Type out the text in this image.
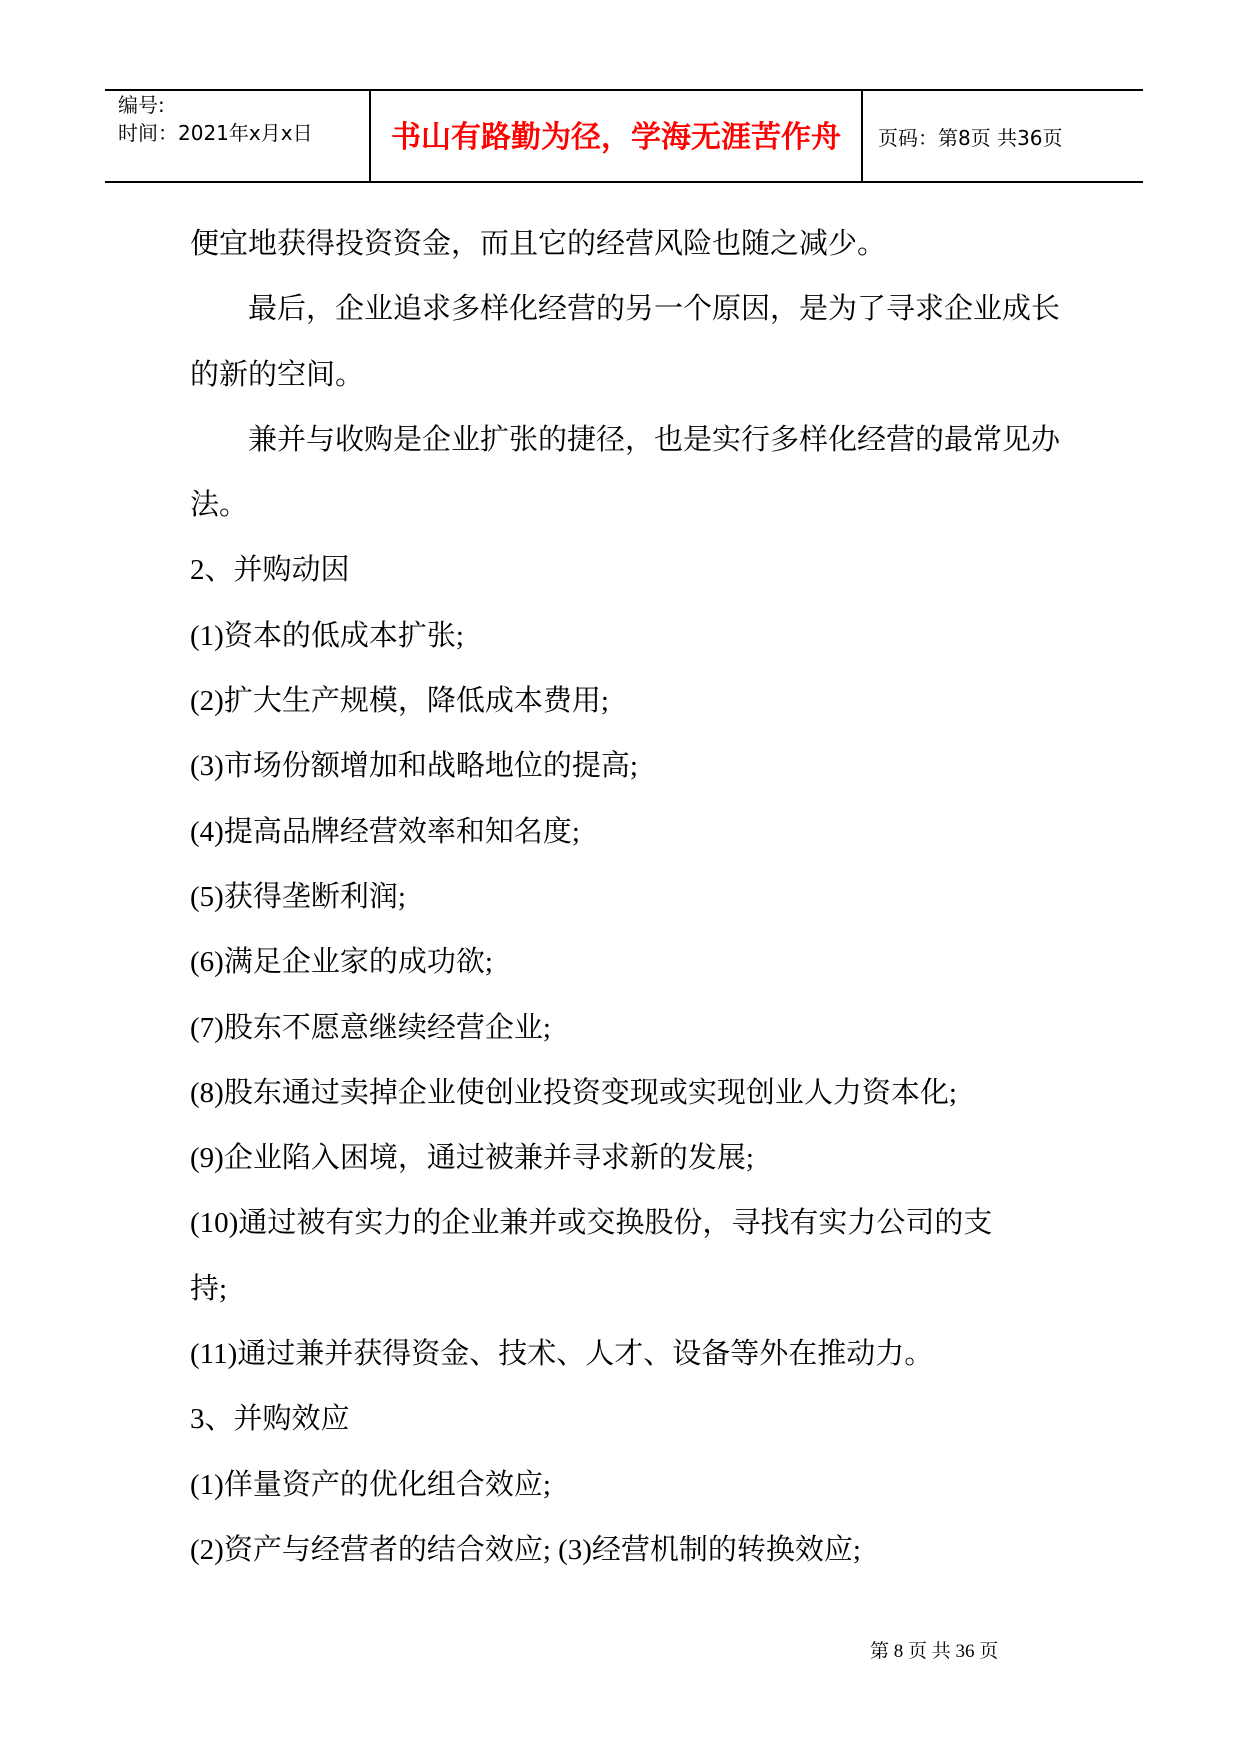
编号:
时间：2021年x月x日	书山有路勤为径，学海无涯苦作舟	页码：第8页 共36页
便宜地获得投资资金，而且它的经营风险也随之减少。
最后，企业追求多样化经营的另一个原因，是为了寻求企业成长
的新的空间。
兼并与收购是企业扩张的捷径，也是实行多样化经营的最常见办
法。
2、并购动因
(1)资本的低成本扩张;
(2)扩大生产规模，降低成本费用;
(3)市场份额增加和战略地位的提高;
(4)提高品牌经营效率和知名度;
(5)获得垄断利润;
(6)满足企业家的成功欲;
(7)股东不愿意继续经营企业;
(8)股东通过卖掉企业使创业投资变现或实现创业人力资本化;
(9)企业陷入困境，通过被兼并寻求新的发展;
(10)通过被有实力的企业兼并或交换股份，寻找有实力公司的支
持;
(11)通过兼并获得资金、技术、人才、设备等外在推动力。
3、并购效应
(1)佯量资产的优化组合效应;
(2)资产与经营者的结合效应; (3)经营机制的转换效应;
第 8 页 共 36 页
